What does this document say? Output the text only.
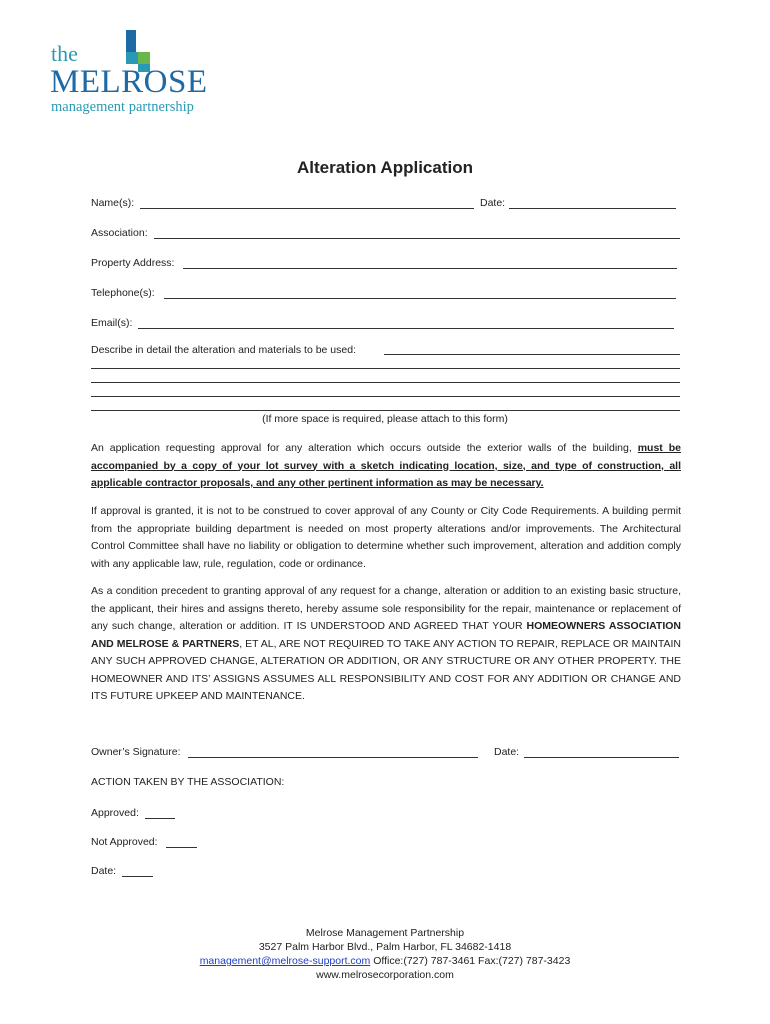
the
MELROSE
management partnership
Alteration Application
Name(s):	Date:
Association:
Property Address:
Telephone(s):
Email(s):
Describe in detail the alteration and materials to be used:
(If more space is required, please attach to this form)
An application requesting approval for any alteration which occurs outside the exterior walls of the building, must be accompanied by a copy of your lot survey with a sketch indicating location, size, and type of construction, all applicable contractor proposals, and any other pertinent information as may be necessary.
If approval is granted, it is not to be construed to cover approval of any County or City Code Requirements. A building permit from the appropriate building department is needed on most property alterations and/or improvements. The Architectural Control Committee shall have no liability or obligation to determine whether such improvement, alteration and addition comply with any applicable law, rule, regulation, code or ordinance.
As a condition precedent to granting approval of any request for a change, alteration or addition to an existing basic structure, the applicant, their hires and assigns thereto, hereby assume sole responsibility for the repair, maintenance or replacement of any such change, alteration or addition. IT IS UNDERSTOOD AND AGREED THAT YOUR HOMEOWNERS ASSOCIATION AND MELROSE & PARTNERS, ET AL, ARE NOT REQUIRED TO TAKE ANY ACTION TO REPAIR, REPLACE OR MAINTAIN ANY SUCH APPROVED CHANGE, ALTERATION OR ADDITION, OR ANY STRUCTURE OR ANY OTHER PROPERTY. THE HOMEOWNER AND ITS’ ASSIGNS ASSUMES ALL RESPONSIBILITY AND COST FOR ANY ADDITION OR CHANGE AND ITS FUTURE UPKEEP AND MAINTENANCE.
Owner’s Signature:	Date:
ACTION TAKEN BY THE ASSOCIATION:
Approved:
Not Approved:
Date:
Melrose Management Partnership
3527 Palm Harbor Blvd., Palm Harbor, FL 34682-1418
management@melrose-support.com Office:(727) 787-3461 Fax:(727) 787-3423
www.melrosecorporation.com
